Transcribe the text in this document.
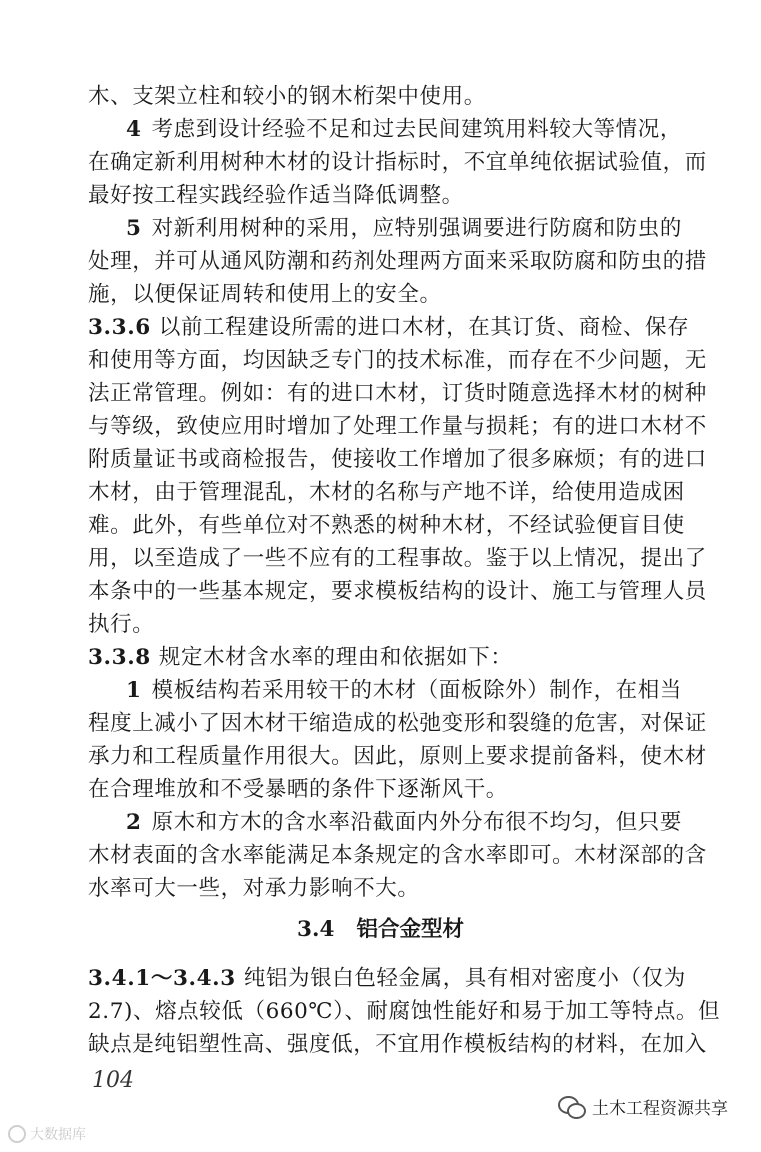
木、支架立柱和较小的钢木桁架中使用。
4 考虑到设计经验不足和过去民间建筑用料较大等情况，
在确定新利用树种木材的设计指标时，不宜单纯依据试验值，而
最好按工程实践经验作适当降低调整。
5 对新利用树种的采用，应特别强调要进行防腐和防虫的
处理，并可从通风防潮和药剂处理两方面来采取防腐和防虫的措
施，以便保证周转和使用上的安全。
3.3.6 以前工程建设所需的进口木材，在其订货、商检、保存
和使用等方面，均因缺乏专门的技术标准，而存在不少问题，无
法正常管理。例如：有的进口木材，订货时随意选择木材的树种
与等级，致使应用时增加了处理工作量与损耗；有的进口木材不
附质量证书或商检报告，使接收工作增加了很多麻烦；有的进口
木材，由于管理混乱，木材的名称与产地不详，给使用造成困
难。此外，有些单位对不熟悉的树种木材，不经试验便盲目使
用，以至造成了一些不应有的工程事故。鉴于以上情况，提出了
本条中的一些基本规定，要求模板结构的设计、施工与管理人员
执行。
3.3.8 规定木材含水率的理由和依据如下：
1 模板结构若采用较干的木材（面板除外）制作，在相当
程度上减小了因木材干缩造成的松弛变形和裂缝的危害，对保证
承力和工程质量作用很大。因此，原则上要求提前备料，使木材
在合理堆放和不受暴晒的条件下逐渐风干。
2 原木和方木的含水率沿截面内外分布很不均匀，但只要
木材表面的含水率能满足本条规定的含水率即可。木材深部的含
水率可大一些，对承力影响不大。
3.4 铝合金型材
3.4.1～3.4.3 纯铝为银白色轻金属，具有相对密度小（仅为
2.7)、熔点较低（660℃）、耐腐蚀性能好和易于加工等特点。但
缺点是纯铝塑性高、强度低，不宜用作模板结构的材料，在加入
104
大数据库
土木工程资源共享
